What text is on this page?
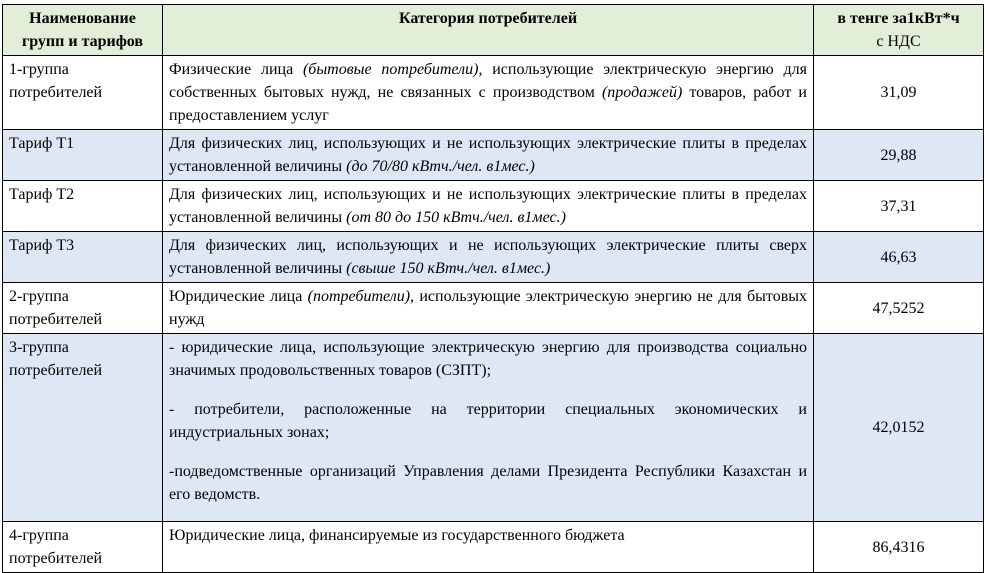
Наименование групп и тарифов	Категория потребителей	в тенге за1кВт*ч
с НДС

1-группа потребителей	Физические лица (бытовые потребители), использующие электрическую энергию для собственных бытовых нужд, не связанных с производством (продажей) товаров, работ и предоставлением услуг	31,09
Тариф Т1	Для физических лиц, использующих и не использующих электрические плиты в пределах установленной величины (до 70/80 кВтч./чел. в1мес.)	29,88
Тариф Т2	Для физических лиц, использующих и не использующих электрические плиты в пределах установленной величины (от 80 до 150 кВтч./чел. в1мес.)	37,31
Тариф Т3	Для физических лиц, использующих и не использующих электрические плиты сверх установленной величины (свыше 150 кВтч./чел. в1мес.)	46,63
2-группа потребителей	Юридические лица (потребители), использующие электрическую энергию не для бытовых нужд	47,5252
3-группа потребителей	- юридические лица, использующие электрическую энергию для производства социально значимых продовольственных товаров (СЗПТ);
- потребители, расположенные на территории специальных экономических и индустриальных зонах;
-подведомственные организаций Управления делами Президента Республики Казахстан и его ведомств.	42,0152
4-группа потребителей	Юридические лица, финансируемые из государственного бюджета	86,4316
